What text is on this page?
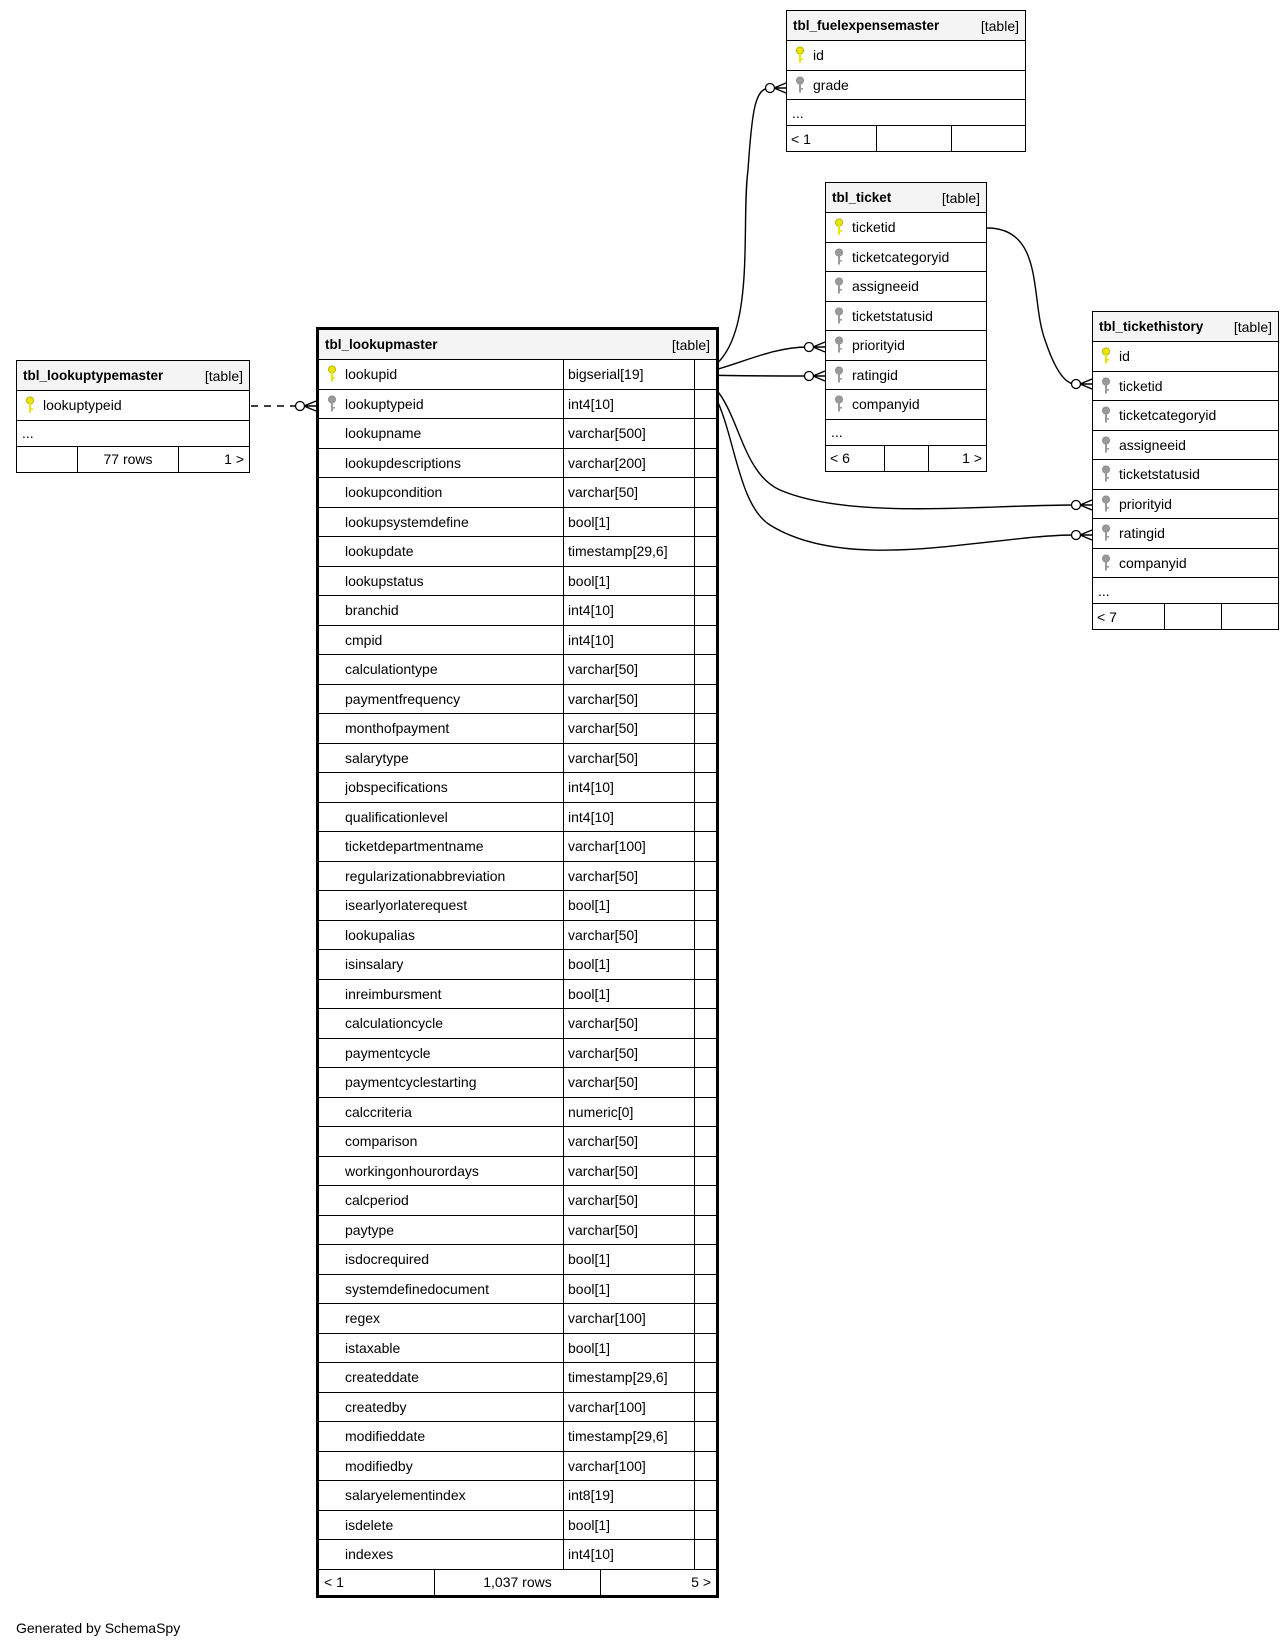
tbl_lookuptypemaster	[table]
lookuptypeid
...
77 rows	1 >
tbl_lookupmaster	[table]
lookupid	bigserial[19]
lookuptypeid	int4[10]
lookupname	varchar[500]
lookupdescriptions	varchar[200]
lookupcondition	varchar[50]
lookupsystemdefine	bool[1]
lookupdate	timestamp[29,6]
lookupstatus	bool[1]
branchid	int4[10]
cmpid	int4[10]
calculationtype	varchar[50]
paymentfrequency	varchar[50]
monthofpayment	varchar[50]
salarytype	varchar[50]
jobspecifications	int4[10]
qualificationlevel	int4[10]
ticketdepartmentname	varchar[100]
regularizationabbreviation	varchar[50]
isearlyorlaterequest	bool[1]
lookupalias	varchar[50]
isinsalary	bool[1]
inreimbursment	bool[1]
calculationcycle	varchar[50]
paymentcycle	varchar[50]
paymentcyclestarting	varchar[50]
calccriteria	numeric[0]
comparison	varchar[50]
workingonhourordays	varchar[50]
calcperiod	varchar[50]
paytype	varchar[50]
isdocrequired	bool[1]
systemdefinedocument	bool[1]
regex	varchar[100]
istaxable	bool[1]
createddate	timestamp[29,6]
createdby	varchar[100]
modifieddate	timestamp[29,6]
modifiedby	varchar[100]
salaryelementindex	int8[19]
isdelete	bool[1]
indexes	int4[10]
< 1	1,037 rows	5 >
tbl_fuelexpensemaster	[table]
id
grade
...
< 1
tbl_ticket	[table]
ticketid
ticketcategoryid
assigneeid
ticketstatusid
priorityid
ratingid
companyid
...
< 6	1 >
tbl_tickethistory [table]
id
ticketid
ticketcategoryid
assigneeid
ticketstatusid
priorityid
ratingid
companyid
...
< 7
Generated by SchemaSpy
